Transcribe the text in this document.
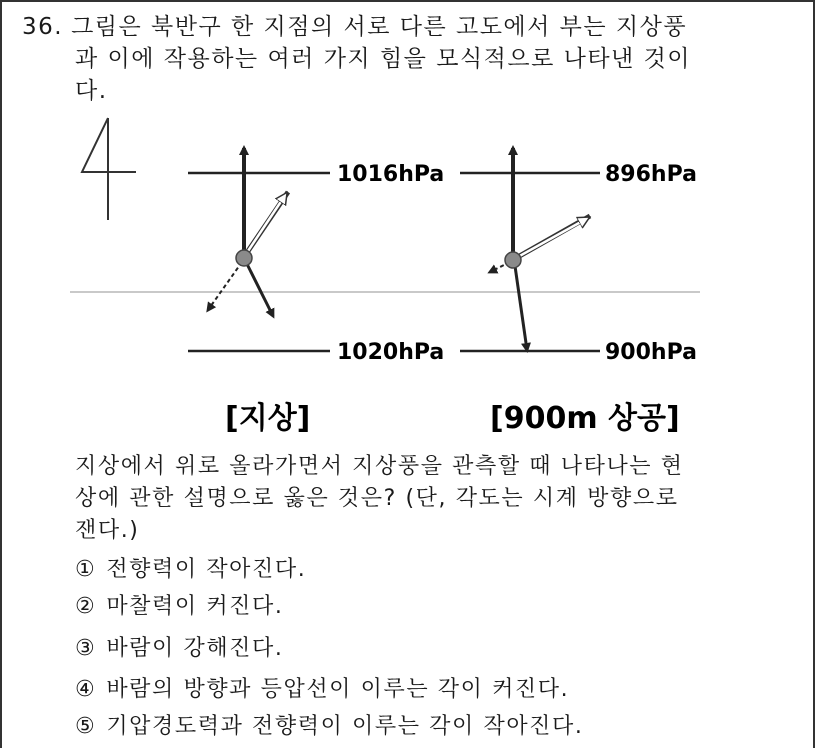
36. 그림은 북반구 한 지점의 서로 다른 고도에서 부는 지상풍
과 이에 작용하는 여러 가지 힘을 모식적으로 나타낸 것이
다.
1016hPa
1020hPa
[지상]
896hPa
900hPa
[900m 상공]
지상에서 위로 올라가면서 지상풍을 관측할 때 나타나는 현
상에 관한 설명으로 옳은 것은? (단, 각도는 시계 방향으로
잰다.)
① 전향력이 작아진다.
② 마찰력이 커진다.
③ 바람이 강해진다.
④ 바람의 방향과 등압선이 이루는 각이 커진다.
⑤ 기압경도력과 전향력이 이루는 각이 작아진다.
